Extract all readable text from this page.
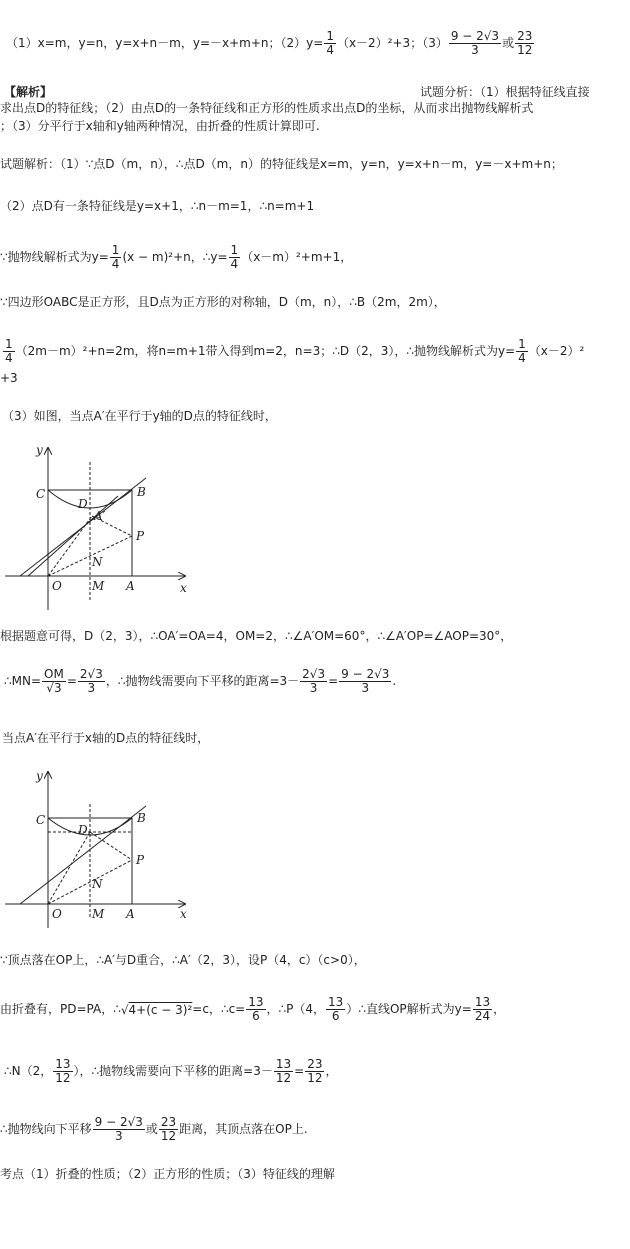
（1）x=m，y=n，y=x+n－m，y=－x+m+n；$(2)y= \frac{1}{4} (x-2)^2+3$；$(3) \frac{9 - 2√3}{3}$ 或 $\frac{23}{12}$
【解析】	试题分析：（1）根据特征线直接
求出点D的特征线；（2）由点D的一条特征线和正方形的性质求出点D的坐标，从而求出抛物线解析式
；（3）分平行于x轴和y轴两种情况，由折叠的性质计算即可.
试题解析：（1）∵点D（m，n），∴点D（m，n）的特征线是x=m，y=n，y=x+n－m，y=－x+m+n；
（2）点D有一条特征线是y=x+1，∴n－m=1，∴n=m+1
∵抛物线解析式为$y= \frac{1}{4} (x - m)^2+n$，∴y= $\frac{1}{4} (x-m)^2+m+1$，
∵四边形OABC是正方形，且D点为正方形的对称轴，D（m，n），∴B（2m，2m），
$\frac{1}{4} (2m-m)^2+n=2m$，将n=m+1带入得到m=2，n=3；∴D（2，3），∴抛物线解析式为$y= \frac{1}{4} (x-2)^2$
+3
（3）如图，当点A′在平行于y轴的D点的特征线时，
y
x
C	B
D
A′
P
N
O	M A
根据题意可得，D（2，3），∴OA′=OA=4，OM=2，∴∠A′OM=60°，∴∠A′OP=∠AOP=30°，
∴MN= $\frac{OM}{√3} = \frac{2√3}{3}$ ，∴抛物线需要向下平移的距离$=3- \frac{2√3}{3} = \frac{9 - 2√3}{3}$ .
当点A′在平行于x轴的D点的特征线时，
y
x
C	B
D
P
N
O	M A
∵顶点落在OP上，∴A′与D重合，∴A′（2，3），设P（4，c）（c>0），
由折叠有，PD=PA，∴√4+(c − 3)²=c，∴c= $\frac{13}{6}$ ，∴P（4， $\frac{13}{6}$ ）∴直线OP解析式为$y= \frac{13}{24}$ ，
∴N（2， $\frac{13}{12}$ ），∴抛物线需要向下平移的距离$=3- \frac{13}{12} = \frac{23}{12}$ ，
∴抛物线向下平移 $\frac{9 - 2√3}{3}$ 或 $\frac{23}{12}$ 距离，其顶点落在OP上.
考点（1）折叠的性质；（2）正方形的性质；（3）特征线的理解
